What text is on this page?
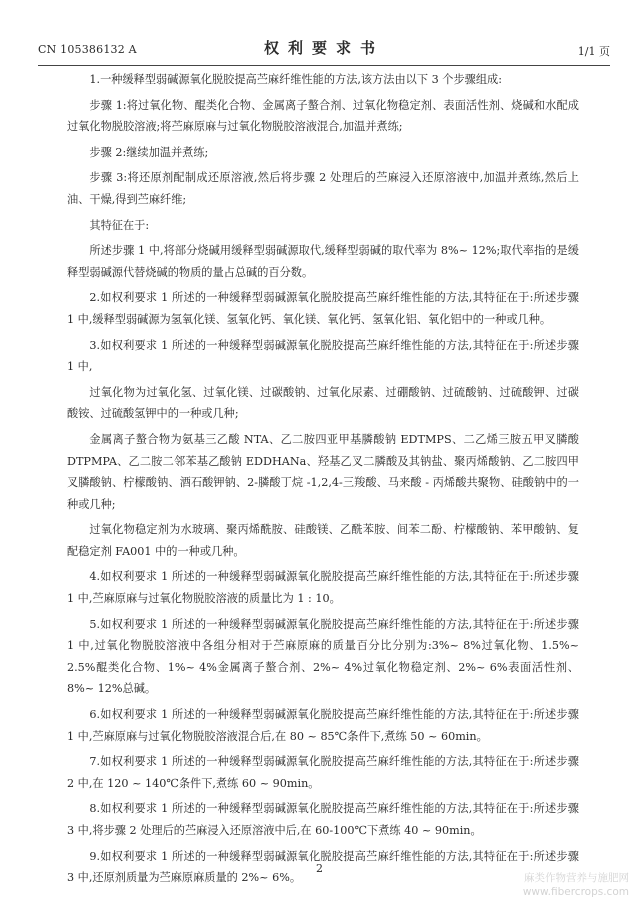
CN 105386132 A	权利要求书	1/1 页

1.一种缓释型弱碱源氧化脱胶提高苎麻纤维性能的方法,该方法由以下 3 个步骤组成:

步骤 1:将过氧化物、醌类化合物、金属离子螯合剂、过氧化物稳定剂、表面活性剂、烧碱和水配成过氧化物脱胶溶液;将苎麻原麻与过氧化物脱胶溶液混合,加温并煮练;

步骤 2:继续加温并煮练;

步骤 3:将还原剂配制成还原溶液,然后将步骤 2 处理后的苎麻浸入还原溶液中,加温并煮练,然后上油、干燥,得到苎麻纤维;

其特征在于:

所述步骤 1 中,将部分烧碱用缓释型弱碱源取代,缓释型弱碱的取代率为 8%~ 12%;取代率指的是缓释型弱碱源代替烧碱的物质的量占总碱的百分数。

2.如权利要求 1 所述的一种缓释型弱碱源氧化脱胶提高苎麻纤维性能的方法,其特征在于:所述步骤 1 中,缓释型弱碱源为氢氧化镁、氢氧化钙、氧化镁、氧化钙、氢氧化铝、氧化铝中的一种或几种。

3.如权利要求 1 所述的一种缓释型弱碱源氧化脱胶提高苎麻纤维性能的方法,其特征在于:所述步骤 1 中,

过氧化物为过氧化氢、过氧化镁、过碳酸钠、过氧化尿素、过硼酸钠、过硫酸钠、过硫酸钾、过碳酸铵、过硫酸氢钾中的一种或几种;

金属离子螯合物为氨基三乙酸 NTA、乙二胺四亚甲基膦酸钠 EDTMPS、二乙烯三胺五甲叉膦酸 DTPMPA、乙二胺二邻苯基乙酸钠 EDDHANa、羟基乙叉二膦酸及其钠盐、聚丙烯酸钠、乙二胺四甲叉膦酸钠、柠檬酸钠、酒石酸钾钠、2-膦酸丁烷 -1,2,4-三羧酸、马来酸 - 丙烯酸共聚物、硅酸钠中的一种或几种;

过氧化物稳定剂为水玻璃、聚丙烯酰胺、硅酸镁、乙酰苯胺、间苯二酚、柠檬酸钠、苯甲酸钠、复配稳定剂 FA001 中的一种或几种。

4.如权利要求 1 所述的一种缓释型弱碱源氧化脱胶提高苎麻纤维性能的方法,其特征在于:所述步骤 1 中,苎麻原麻与过氧化物脱胶溶液的质量比为 1 : 10。

5.如权利要求 1 所述的一种缓释型弱碱源氧化脱胶提高苎麻纤维性能的方法,其特征在于:所述步骤 1 中,过氧化物脱胶溶液中各组分相对于苎麻原麻的质量百分比分别为:3%~ 8%过氧化物、1.5%~ 2.5%醌类化合物、1%~ 4%金属离子螯合剂、2%~ 4%过氧化物稳定剂、2%~ 6%表面活性剂、8%~ 12%总碱。

6.如权利要求 1 所述的一种缓释型弱碱源氧化脱胶提高苎麻纤维性能的方法,其特征在于:所述步骤 1 中,苎麻原麻与过氧化物脱胶溶液混合后,在 80 ~ 85℃条件下,煮练 50 ~ 60min。

7.如权利要求 1 所述的一种缓释型弱碱源氧化脱胶提高苎麻纤维性能的方法,其特征在于:所述步骤 2 中,在 120 ~ 140℃条件下,煮练 60 ~ 90min。

8.如权利要求 1 所述的一种缓释型弱碱源氧化脱胶提高苎麻纤维性能的方法,其特征在于:所述步骤 3 中,将步骤 2 处理后的苎麻浸入还原溶液中后,在 60-100℃下煮练 40 ~ 90min。

9.如权利要求 1 所述的一种缓释型弱碱源氧化脱胶提高苎麻纤维性能的方法,其特征在于:所述步骤 3 中,还原剂质量为苎麻原麻质量的 2%~ 6%。

2
麻类作物营养与施肥网
www.fibercrops.com
